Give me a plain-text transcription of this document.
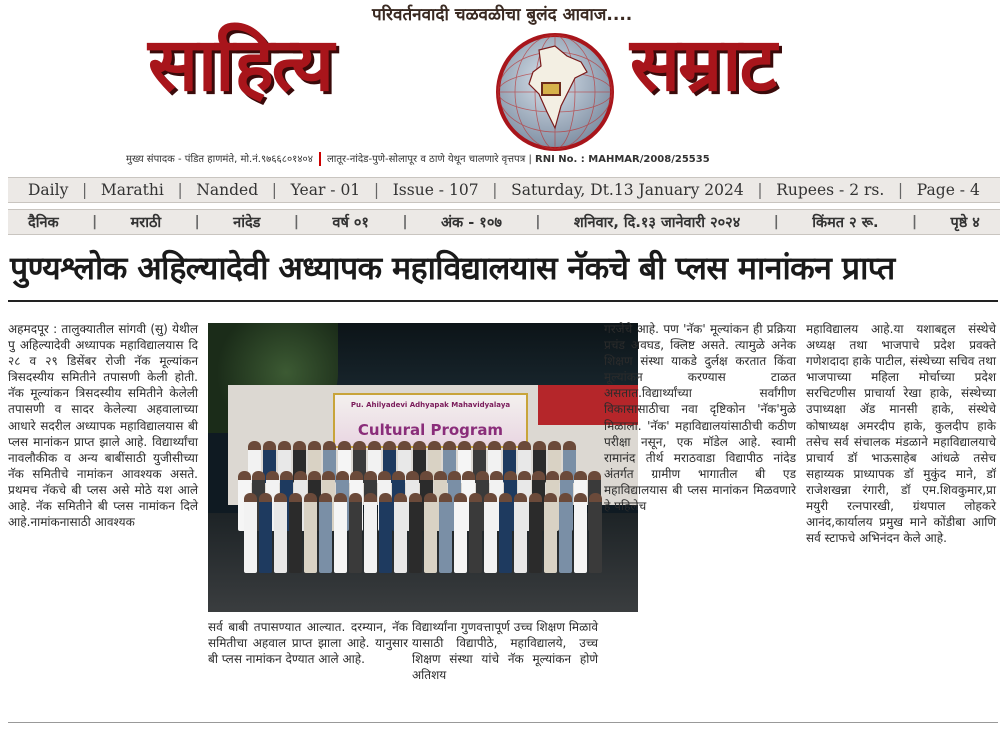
परिवर्तनवादी चळवळीचा बुलंद आवाज....
साहित्य	सम्राट
मुख्य संपादक - पंडित हाणमंते, मो.नं.९७६६८०१४०४ लातूर-नांदेड-पुणे-सोलापूर व ठाणे येथून चालणारे वृत्तपत्र | RNI No. : MAHMAR/2008/25535
Daily | Marathi | Nanded | Year - 01 | Issue - 107 | Saturday, Dt.13 January 2024 | Rupees - 2 rs. | Page - 4
दैनिक | मराठी | नांदेड | वर्ष ०१ | अंक - १०७ | शनिवार, दि.१३ जानेवारी २०२४ | किंमत २ रू. | पृष्ठे ४
पुण्यश्लोक अहिल्यादेवी अध्यापक महाविद्यालयास नॅकचे बी प्लस मानांकन प्राप्त
अहमदपूर : तालुक्यातील सांगवी (सु) येथील पु अहिल्यादेवी अध्यापक महाविद्यालयास दि २८ व २९ डिसेंबर रोजी नॅक मूल्यांकन त्रिसदस्यीय समितीने तपासणी केली होती. नॅक मूल्यांकन त्रिसदस्यीय समितीने केलेली तपासणी व सादर केलेल्या अहवालाच्या आधारे सदरील अध्यापक महाविद्यालयास बी प्लस मानांकन प्राप्त झाले आहे. विद्यार्थ्यांचा नावलौकीक व अन्य बाबींसाठी युजीसीच्या नॅक समितीचे नामांकन आवश्यक असते. प्रथमच नॅकचे बी प्लस असे मोठे यश आले आहे. नॅक समितीने बी प्लस नामांकन दिले आहे.नामांकनासाठी आवश्यक
Pu. Ahilyadevi Adhyapak Mahavidyalaya
Cultural Program
सर्व बाबी तपासण्यात आल्यात. दरम्यान, नॅक समितीचा अहवाल प्राप्त झाला आहे. यानुसार बी प्लस नामांकन देण्यात आले आहे.
विद्यार्थ्यांना गुणवत्तापूर्ण उच्च शिक्षण मिळावे यासाठी विद्यापीठे, महाविद्यालये, उच्च शिक्षण संस्था यांचे नॅक मूल्यांकन होणे अतिशय
गरजेचे आहे. पण 'नॅक' मूल्यांकन ही प्रक्रिया प्रचंड अवघड, क्लिष्ट असते. त्यामुळे अनेक शिक्षण संस्था याकडे दुर्लक्ष करतात किंवा मूल्यांकन करण्यास टाळत असतात.विद्यार्थ्यांच्या सर्वांगीण विकासासाठीचा नवा दृष्टिकोन 'नॅक'मुळे मिळाला. 'नॅक' महाविद्यालयांसाठीची कठीण परीक्षा नसून, एक मॉडेल आहे. स्वामी रामानंद तीर्थ मराठवाडा विद्यापीठ नांदेड अंतर्गत ग्रामीण भागातील बी एड महाविद्यालयास बी प्लस मानांकन मिळवणारे हे पहिलेच
महाविद्यालय आहे.या यशाबद्दल संस्थेचे अध्यक्ष तथा भाजपाचे प्रदेश प्रवक्ते गणेशदादा हाके पाटील, संस्थेच्या सचिव तथा भाजपाच्या महिला मोर्चाच्या प्रदेश सरचिटणीस प्राचार्या रेखा हाके, संस्थेच्या उपाध्यक्षा ॲड मानसी हाके, संस्थेचे कोषाध्यक्ष अमरदीप हाके, कुलदीप हाके तसेच सर्व संचालक मंडळाने महाविद्यालयाचे प्राचार्य डॉ भाऊसाहेब आंधळे तसेच सहाय्यक प्राध्यापक डॉ मुकुंद माने, डॉ राजेशखन्ना रंगारी, डॉ एम.शिवकुमार,प्रा मयुरी रत्नपारखी, ग्रंथपाल लोहकरे आनंद,कार्यालय प्रमुख माने कोंडीबा आणि सर्व स्टाफचे अभिनंदन केले आहे.
